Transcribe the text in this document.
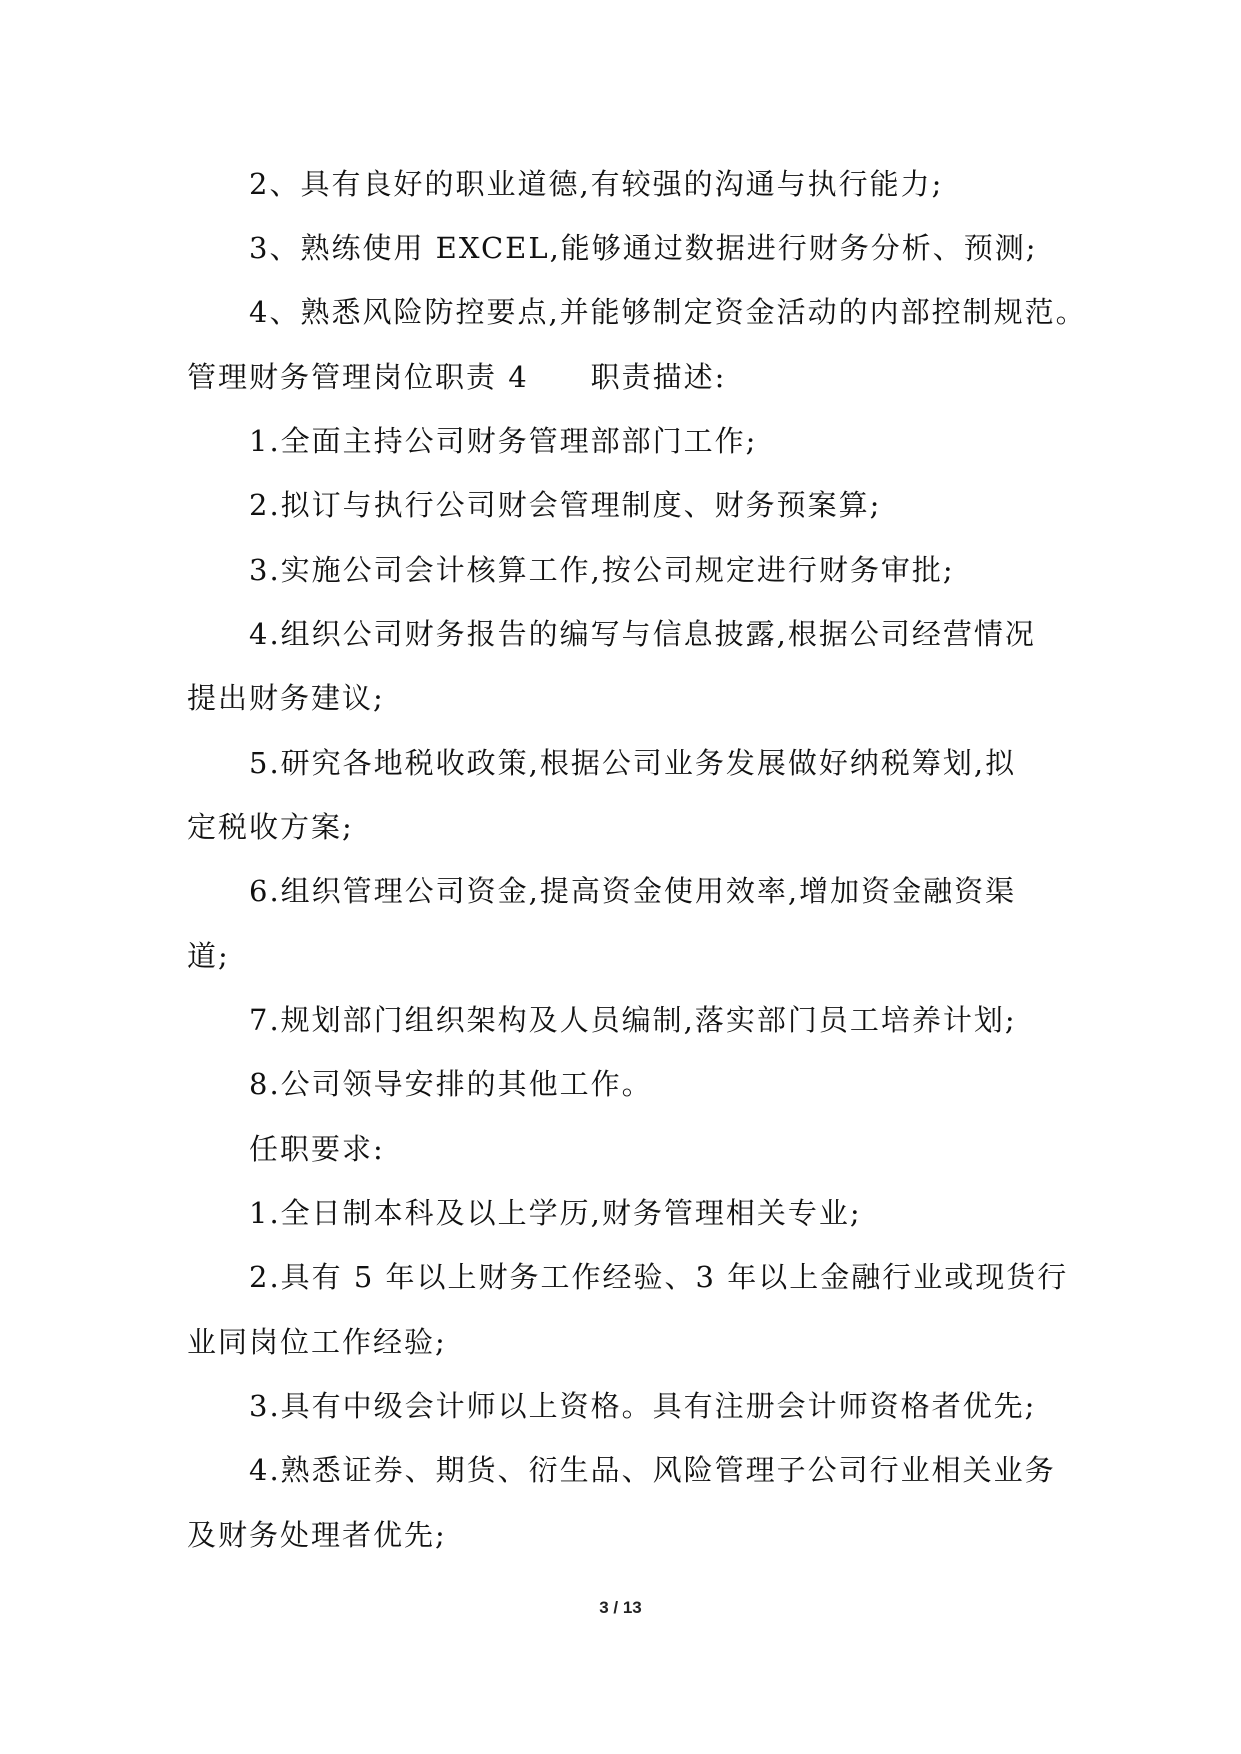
2、具有良好的职业道德,有较强的沟通与执行能力;
3、熟练使用 EXCEL,能够通过数据进行财务分析、预测;
4、熟悉风险防控要点,并能够制定资金活动的内部控制规范。
管理财务管理岗位职责 4　　职责描述:
1.全面主持公司财务管理部部门工作;
2.拟订与执行公司财会管理制度、财务预案算;
3.实施公司会计核算工作,按公司规定进行财务审批;
4.组织公司财务报告的编写与信息披露,根据公司经营情况
提出财务建议;
5.研究各地税收政策,根据公司业务发展做好纳税筹划,拟
定税收方案;
6.组织管理公司资金,提高资金使用效率,增加资金融资渠
道;
7.规划部门组织架构及人员编制,落实部门员工培养计划;
8.公司领导安排的其他工作。
任职要求:
1.全日制本科及以上学历,财务管理相关专业;
2.具有 5 年以上财务工作经验、3 年以上金融行业或现货行
业同岗位工作经验;
3.具有中级会计师以上资格。具有注册会计师资格者优先;
4.熟悉证券、期货、衍生品、风险管理子公司行业相关业务
及财务处理者优先;
3 / 13
